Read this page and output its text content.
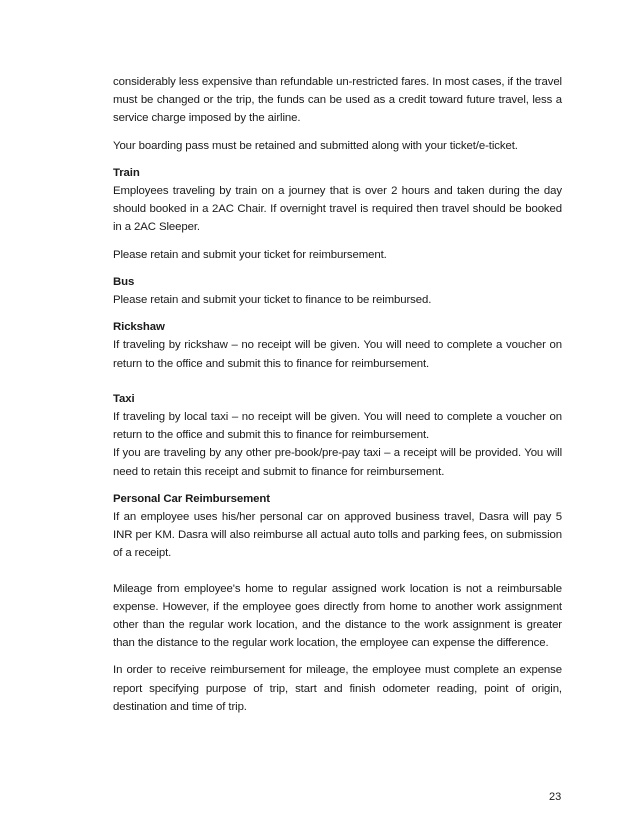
considerably less expensive than refundable un-restricted fares. In most cases, if the travel must be changed or the trip, the funds can be used as a credit toward future travel, less a service charge imposed by the airline.

Your boarding pass must be retained and submitted along with your ticket/e-ticket.

Train

Employees traveling by train on a journey that is over 2 hours and taken during the day should booked in a 2AC Chair. If overnight travel is required then travel should be booked in a 2AC Sleeper.

Please retain and submit your ticket for reimbursement.

Bus

Please retain and submit your ticket to finance to be reimbursed.

Rickshaw

If traveling by rickshaw – no receipt will be given. You will need to complete a voucher on return to the office and submit this to finance for reimbursement.

Taxi

If traveling by local taxi – no receipt will be given. You will need to complete a voucher on return to the office and submit this to finance for reimbursement.

If you are traveling by any other pre-book/pre-pay taxi – a receipt will be provided. You will need to retain this receipt and submit to finance for reimbursement.

Personal Car Reimbursement

If an employee uses his/her personal car on approved business travel, Dasra will pay 5 INR per KM. Dasra will also reimburse all actual auto tolls and parking fees, on submission of a receipt.

Mileage from employee's home to regular assigned work location is not a reimbursable expense. However, if the employee goes directly from home to another work assignment other than the regular work location, and the distance to the work assignment is greater than the distance to the regular work location, the employee can expense the difference.

In order to receive reimbursement for mileage, the employee must complete an expense report specifying purpose of trip, start and finish odometer reading, point of origin, destination and time of trip.

23
